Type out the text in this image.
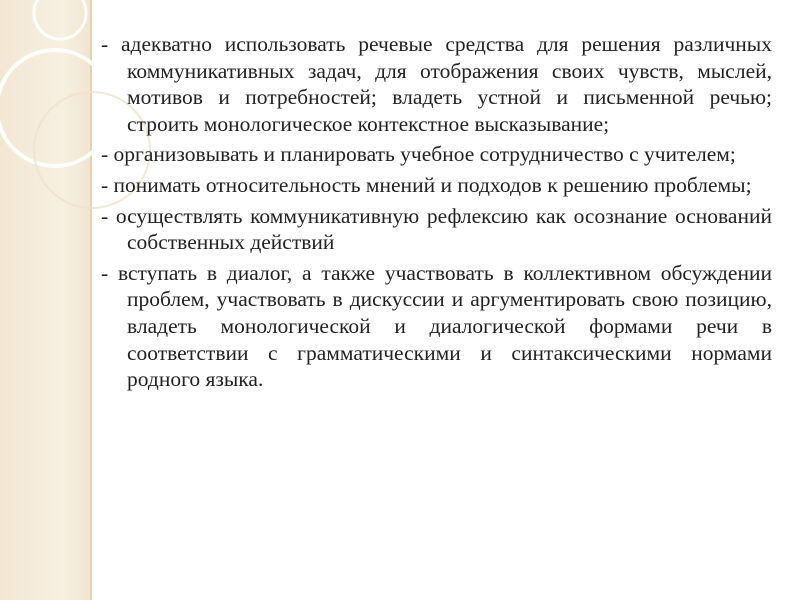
- адекватно использовать речевые средства для решения различных коммуникативных задач, для отображения своих чувств, мыслей, мотивов и потребностей; владеть устной и письменной речью; строить монологическое контекстное высказывание;

- организовывать и планировать учебное сотрудничество с учителем;

- понимать относительность мнений и подходов к решению проблемы;

- осуществлять коммуникативную рефлексию как осознание оснований собственных действий

- вступать в диалог, а также участвовать в коллективном обсуждении проблем, участвовать в дискуссии и аргументировать свою позицию, владеть монологической и диалогической формами речи в соответствии с грамматическими и синтаксическими нормами родного языка.
